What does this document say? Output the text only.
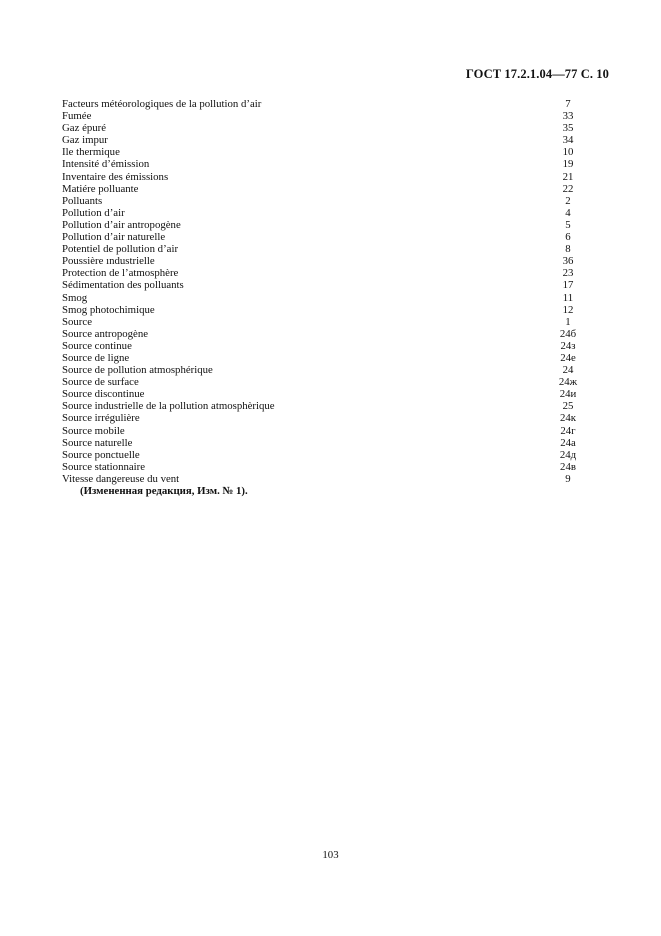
ГОСТ 17.2.1.04—77 С. 10
Facteurs météorologiques de la pollution d’air	7
Fumée	33
Gaz épuré	35
Gaz impur	34
Ile thermique	10
Intensité d’émission	19
Inventaire des émissions	21
Matiére polluante	22
Polluants	2
Pollution d’air	4
Pollution d’air antropogène	5
Pollution d’air naturelle	6
Potentiel de pollution d’air	8
Poussière ındustrielle	36
Protection de l’atmosphère	23
Sédimentation des polluants	17
Smog	11
Smog photochimique	12
Source	1
Source antropogène	24б
Source continue	24з
Source de ligne	24е
Source de pollution atmosphérique	24
Source de surface	24ж
Source discontinue	24и
Source industrielle de la pollution atmosphèrique	25
Source irrégulière	24к
Source mobile	24г
Source naturelle	24а
Source ponctuelle	24д
Source stationnaire	24в
Vitesse dangereuse du vent	9
(Измененная редакция, Изм. № 1).
103
